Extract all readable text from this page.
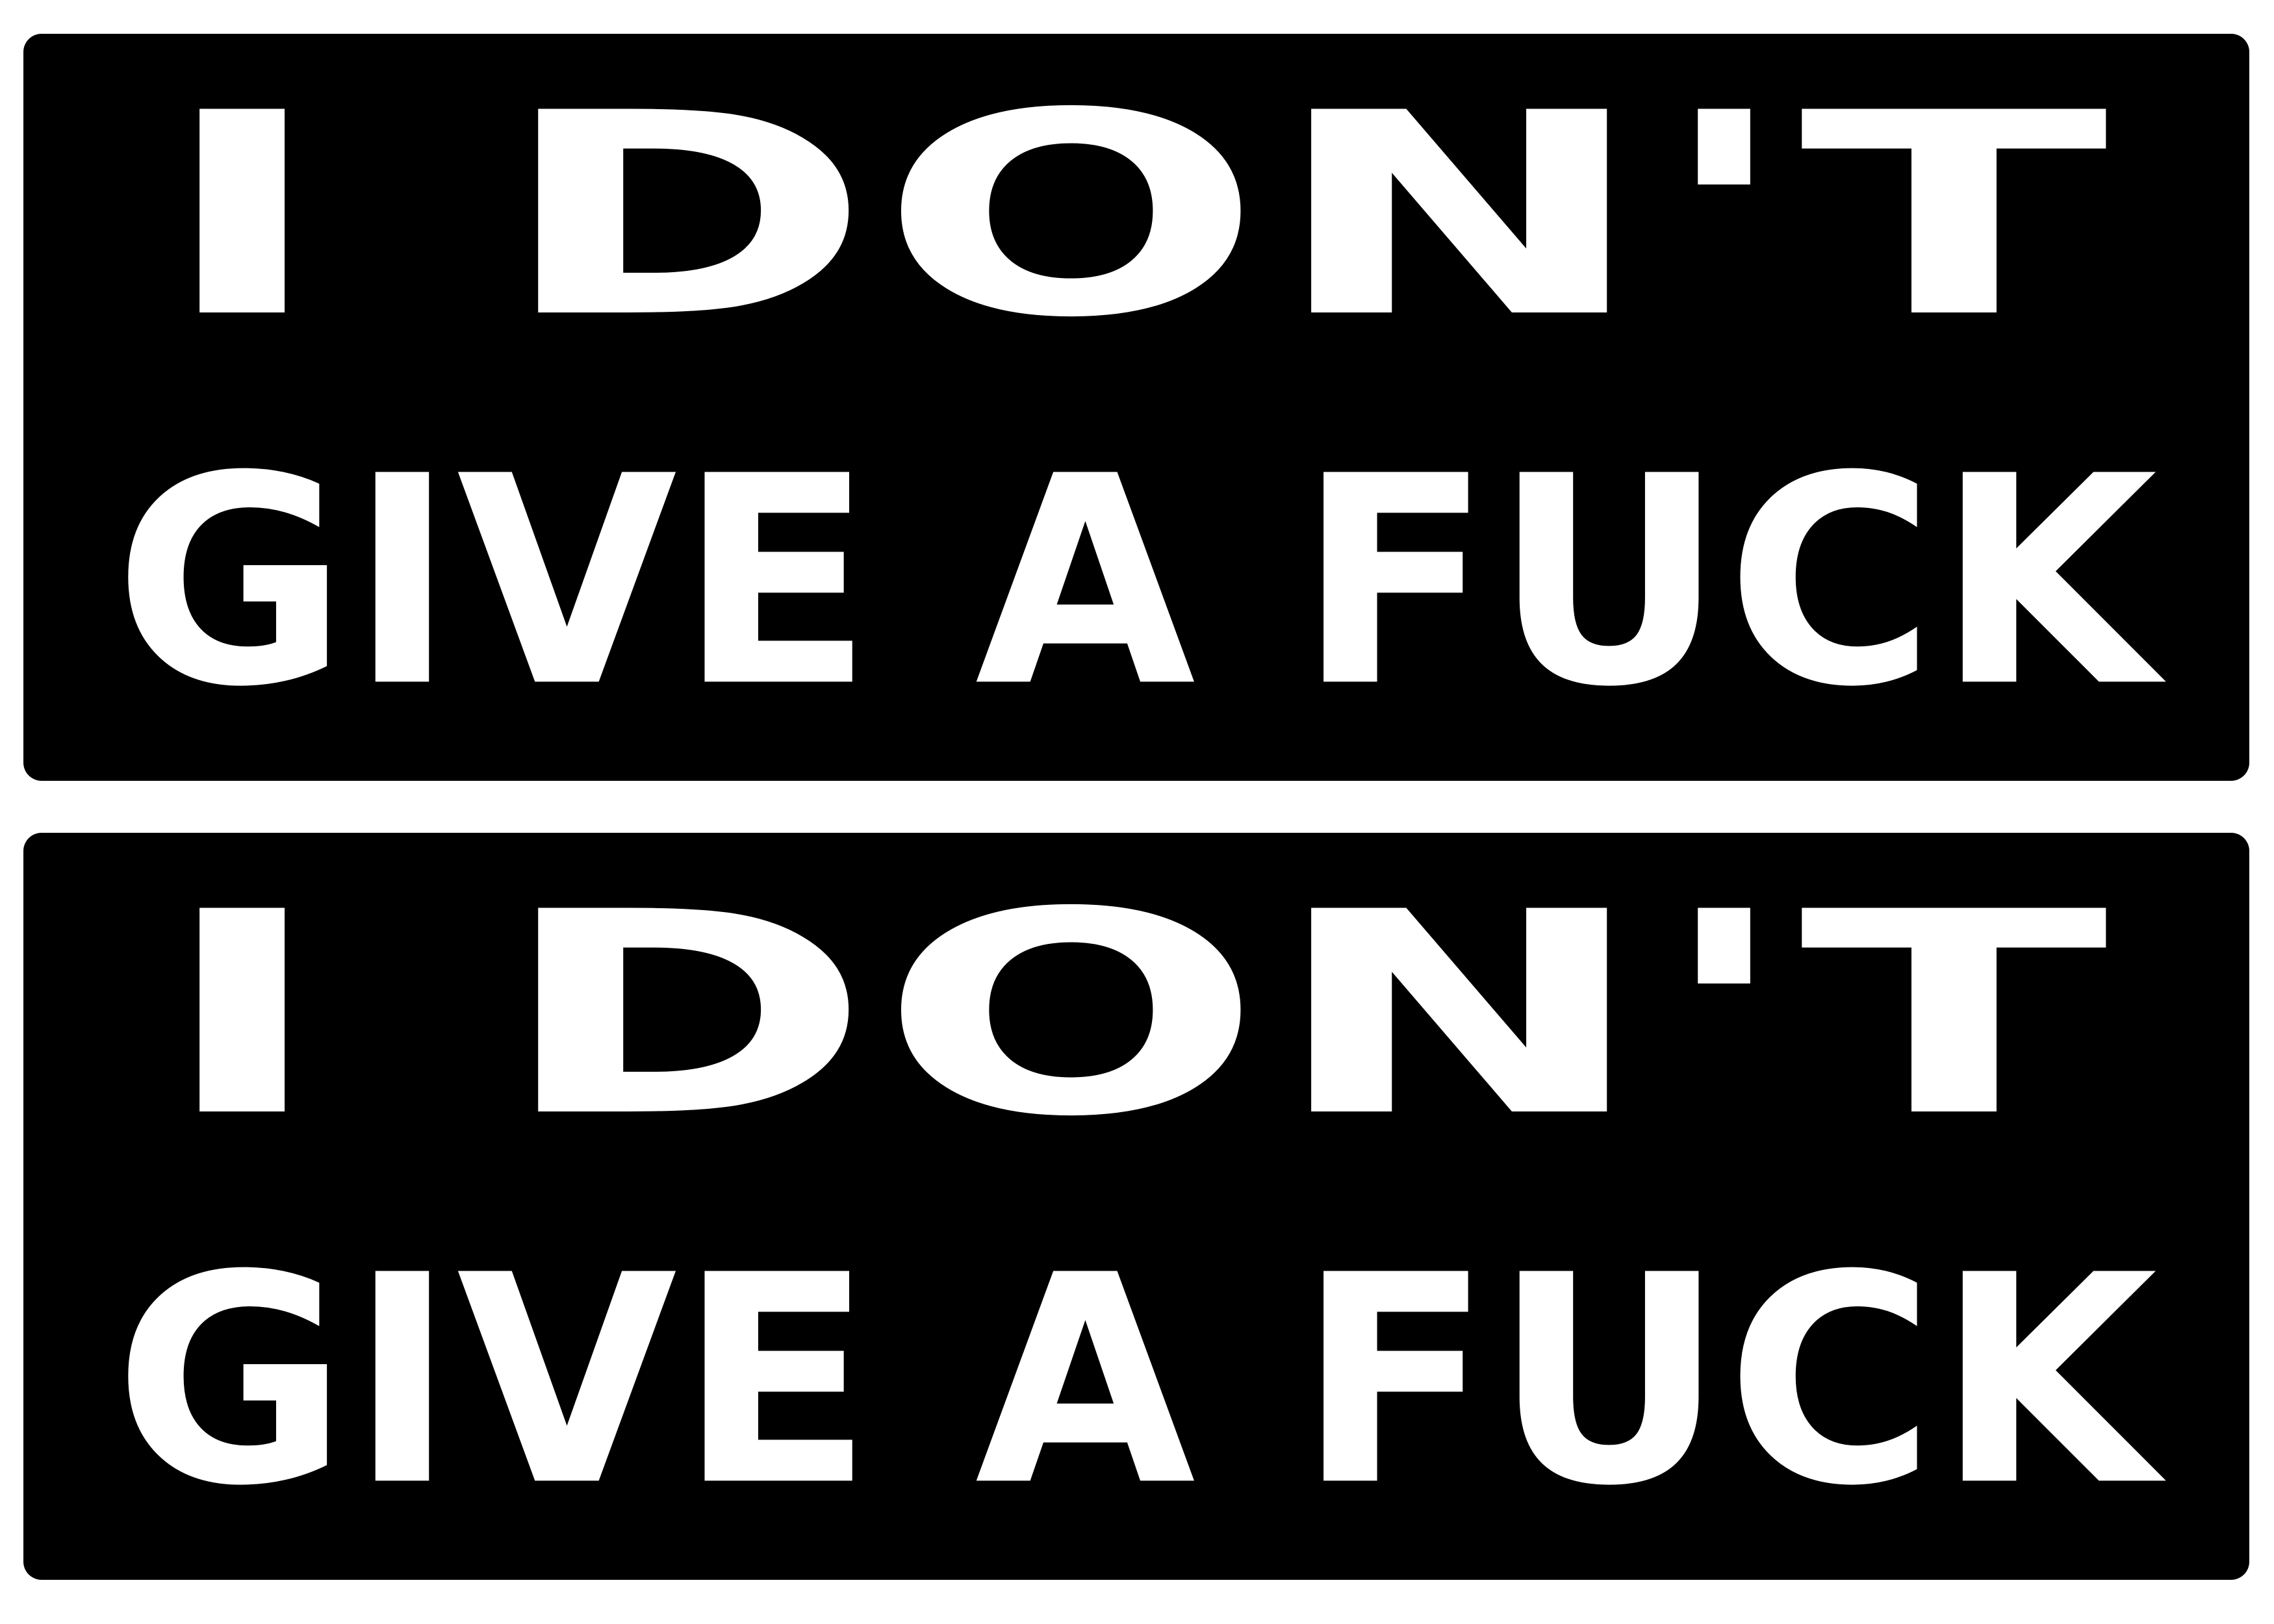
I DON'T
GIVE A FUCK
I DON'T
GIVE A FUCK
